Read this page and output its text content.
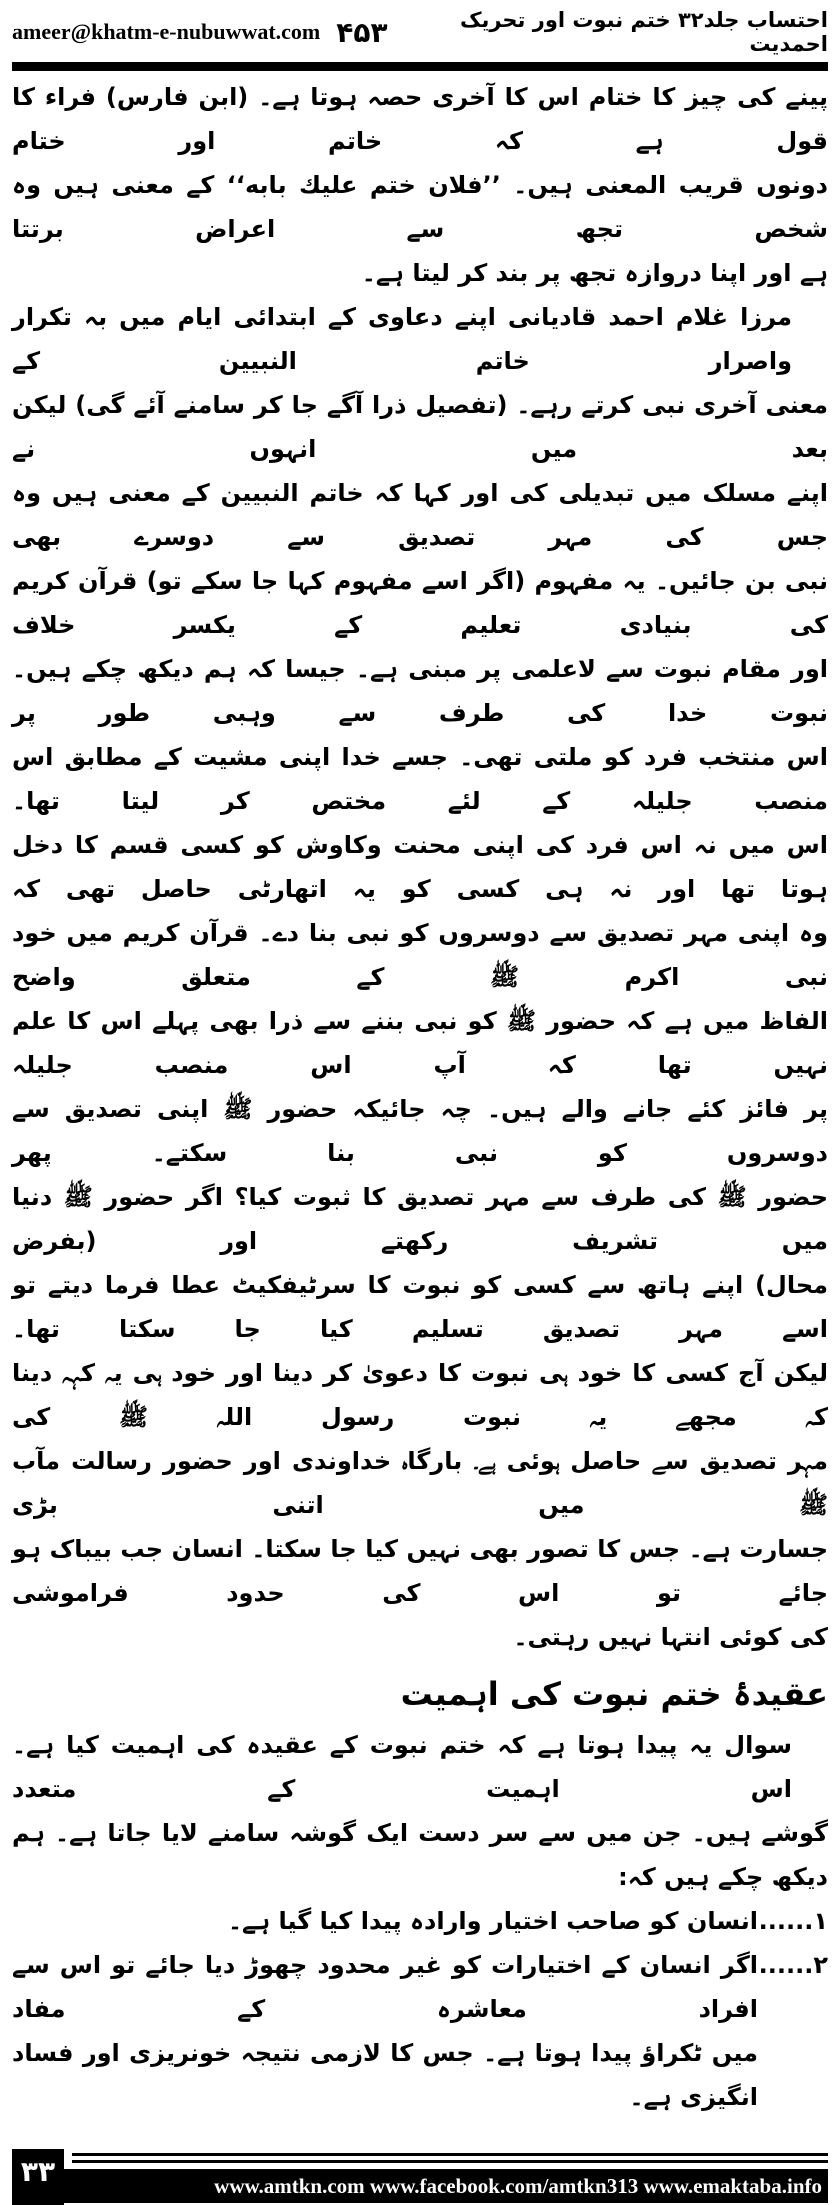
ameer@khatm-e-nubuwwat.com ۴۵۳	احتساب جلد۳۲ ختم نبوت اور تحریک احمدیت
پینے کی چیز کا ختام اس کا آخری حصہ ہوتا ہے۔ (ابن فارس) فراء کا قول ہے کہ خاتم اور ختام
دونوں قریب المعنی ہیں۔ ’’فلان ختم علیك بابه‘‘ کے معنی ہیں وہ شخص تجھ سے اعراض برتتا
ہے اور اپنا دروازہ تجھ پر بند کر لیتا ہے۔
مرزا غلام احمد قادیانی اپنے دعاوی کے ابتدائی ایام میں بہ تکرار واصرار خاتم النبیین کے
معنی آخری نبی کرتے رہے۔ (تفصیل ذرا آگے جا کر سامنے آئے گی) لیکن بعد میں انہوں نے
اپنے مسلک میں تبدیلی کی اور کہا کہ خاتم النبیین کے معنی ہیں وہ جس کی مہر تصدیق سے دوسرے بھی
نبی بن جائیں۔ یہ مفہوم (اگر اسے مفہوم کہا جا سکے تو) قرآن کریم کی بنیادی تعلیم کے یکسر خلاف
اور مقام نبوت سے لاعلمی پر مبنی ہے۔ جیسا کہ ہم دیکھ چکے ہیں۔ نبوت خدا کی طرف سے وہبی طور پر
اس منتخب فرد کو ملتی تھی۔ جسے خدا اپنی مشیت کے مطابق اس منصب جلیلہ کے لئے مختص کر لیتا تھا۔
اس میں نہ اس فرد کی اپنی محنت وکاوش کو کسی قسم کا دخل ہوتا تھا اور نہ ہی کسی کو یہ اتھارٹی حاصل تھی کہ
وہ اپنی مہر تصدیق سے دوسروں کو نبی بنا دے۔ قرآن کریم میں خود نبی اکرم ﷺ کے متعلق واضح
الفاظ میں ہے کہ حضور ﷺ کو نبی بننے سے ذرا بھی پہلے اس کا علم نہیں تھا کہ آپ اس منصب جلیلہ
پر فائز کئے جانے والے ہیں۔ چہ جائیکہ حضور ﷺ اپنی تصدیق سے دوسروں کو نبی بنا سکتے۔ پھر
حضور ﷺ کی طرف سے مہر تصدیق کا ثبوت کیا؟ اگر حضور ﷺ دنیا میں تشریف رکھتے اور (بفرض
محال) اپنے ہاتھ سے کسی کو نبوت کا سرٹیفکیٹ عطا فرما دیتے تو اسے مہر تصدیق تسلیم کیا جا سکتا تھا۔
لیکن آج کسی کا خود ہی نبوت کا دعویٰ کر دینا اور خود ہی یہ کہہ دینا کہ مجھے یہ نبوت رسول اللہ ﷺ کی
مہر تصدیق سے حاصل ہوئی ہے۔ بارگاہ خداوندی اور حضور رسالت مآب ﷺ میں اتنی بڑی
جسارت ہے۔ جس کا تصور بھی نہیں کیا جا سکتا۔ انسان جب بیباک ہو جائے تو اس کی حدود فراموشی
کی کوئی انتہا نہیں رہتی۔
عقیدۂ ختم نبوت کی اہمیت
سوال یہ پیدا ہوتا ہے کہ ختم نبوت کے عقیدہ کی اہمیت کیا ہے۔ اس اہمیت کے متعدد
گوشے ہیں۔ جن میں سے سر دست ایک گوشہ سامنے لایا جاتا ہے۔ ہم دیکھ چکے ہیں کہ:
۱......
انسان کو صاحب اختیار وارادہ پیدا کیا گیا ہے۔
۲......
اگر انسان کے اختیارات کو غیر محدود چھوڑ دیا جائے تو اس سے افراد معاشرہ کے مفاد
میں ٹکراؤ پیدا ہوتا ہے۔ جس کا لازمی نتیجہ خونریزی اور فساد انگیزی ہے۔
۳۳	www.amtkn.com www.facebook.com/amtkn313 www.emaktaba.info
